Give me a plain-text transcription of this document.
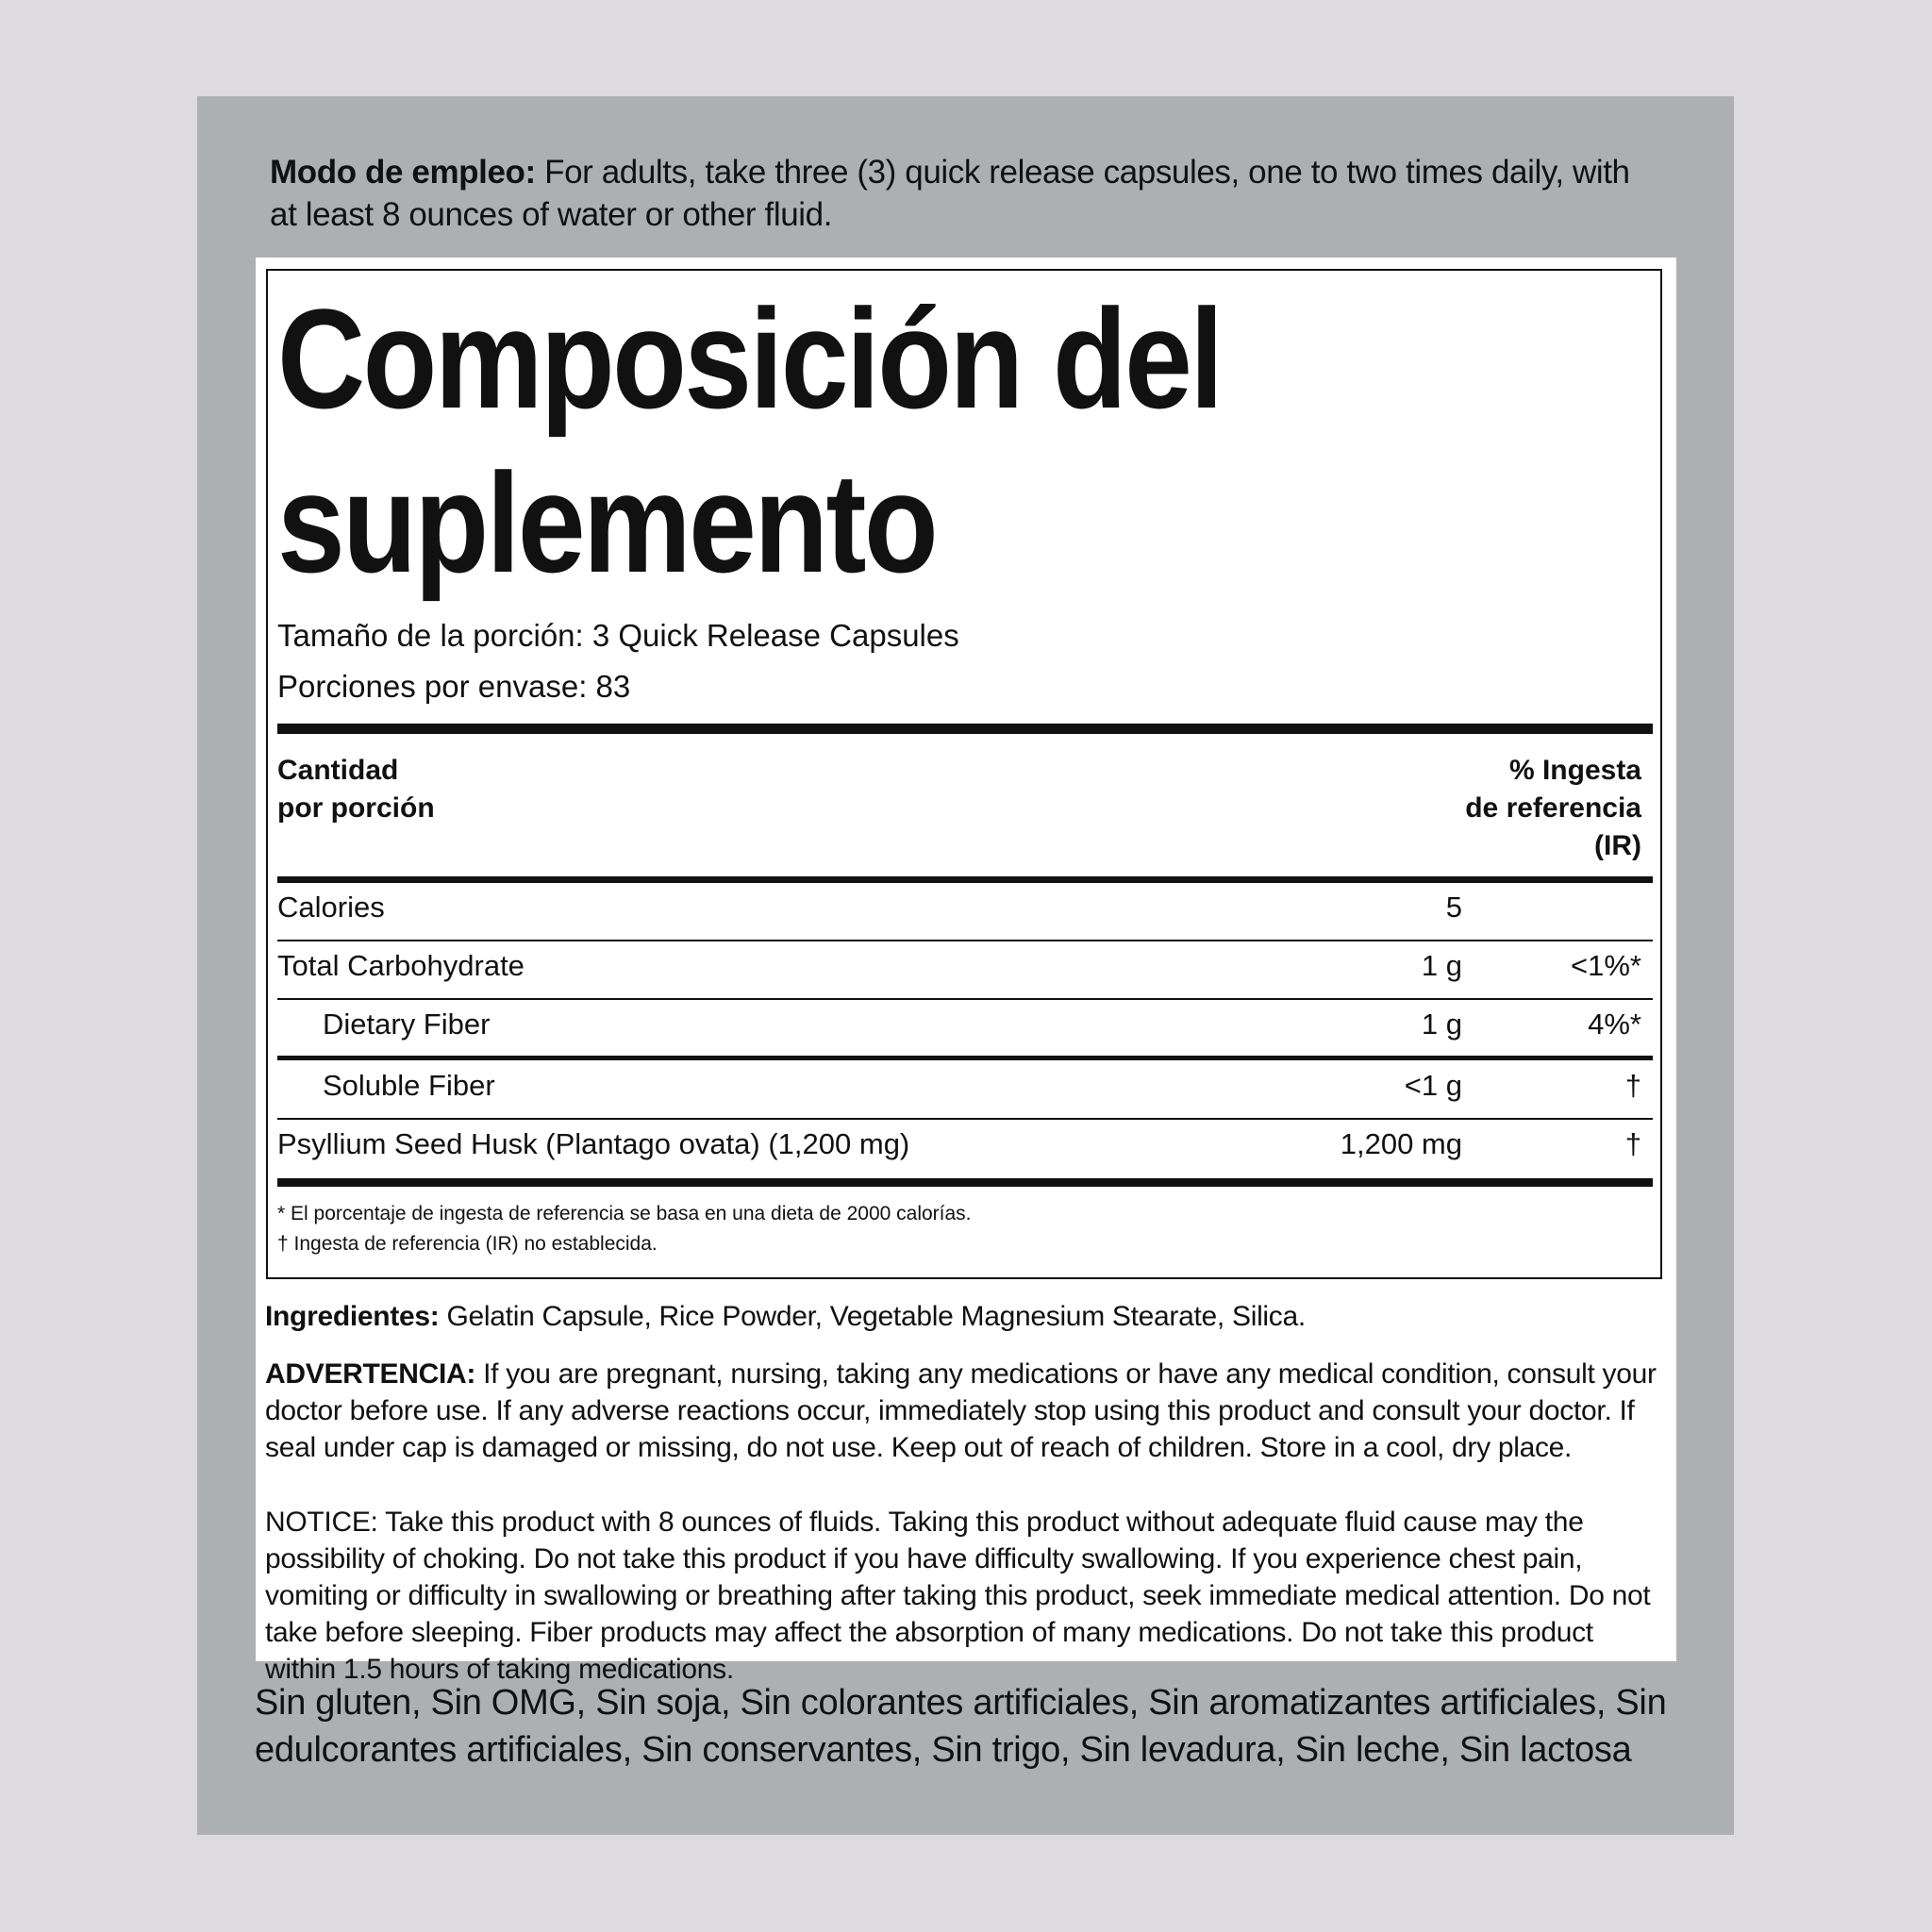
Modo de empleo: For adults, take three (3) quick release capsules, one to two times daily, with at least 8 ounces of water or other fluid.
Composición del
suplemento
Tamaño de la porción: 3 Quick Release Capsules
Porciones por envase: 83
Cantidad
por porción
% Ingesta
de referencia
(IR)
Calories	5
Total Carbohydrate	1 g	<1%*
Dietary Fiber	1 g	4%*
Soluble Fiber	<1 g	†
Psyllium Seed Husk (Plantago ovata) (1,200 mg)	1,200 mg	†
* El porcentaje de ingesta de referencia se basa en una dieta de 2000 calorías.
† Ingesta de referencia (IR) no establecida.
Ingredientes: Gelatin Capsule, Rice Powder, Vegetable Magnesium Stearate, Silica.
ADVERTENCIA: If you are pregnant, nursing, taking any medications or have any medical condition, consult your doctor before use. If any adverse reactions occur, immediately stop using this product and consult your doctor. If seal under cap is damaged or missing, do not use. Keep out of reach of children. Store in a cool, dry place.
NOTICE: Take this product with 8 ounces of fluids. Taking this product without adequate fluid cause may the possibility of choking. Do not take this product if you have difficulty swallowing. If you experience chest pain, vomiting or difficulty in swallowing or breathing after taking this product, seek immediate medical attention. Do not take before sleeping. Fiber products may affect the absorption of many medications. Do not take this product within 1.5 hours of taking medications.
Sin gluten, Sin OMG, Sin soja, Sin colorantes artificiales, Sin aromatizantes artificiales, Sin edulcorantes artificiales, Sin conservantes, Sin trigo, Sin levadura, Sin leche, Sin lactosa
